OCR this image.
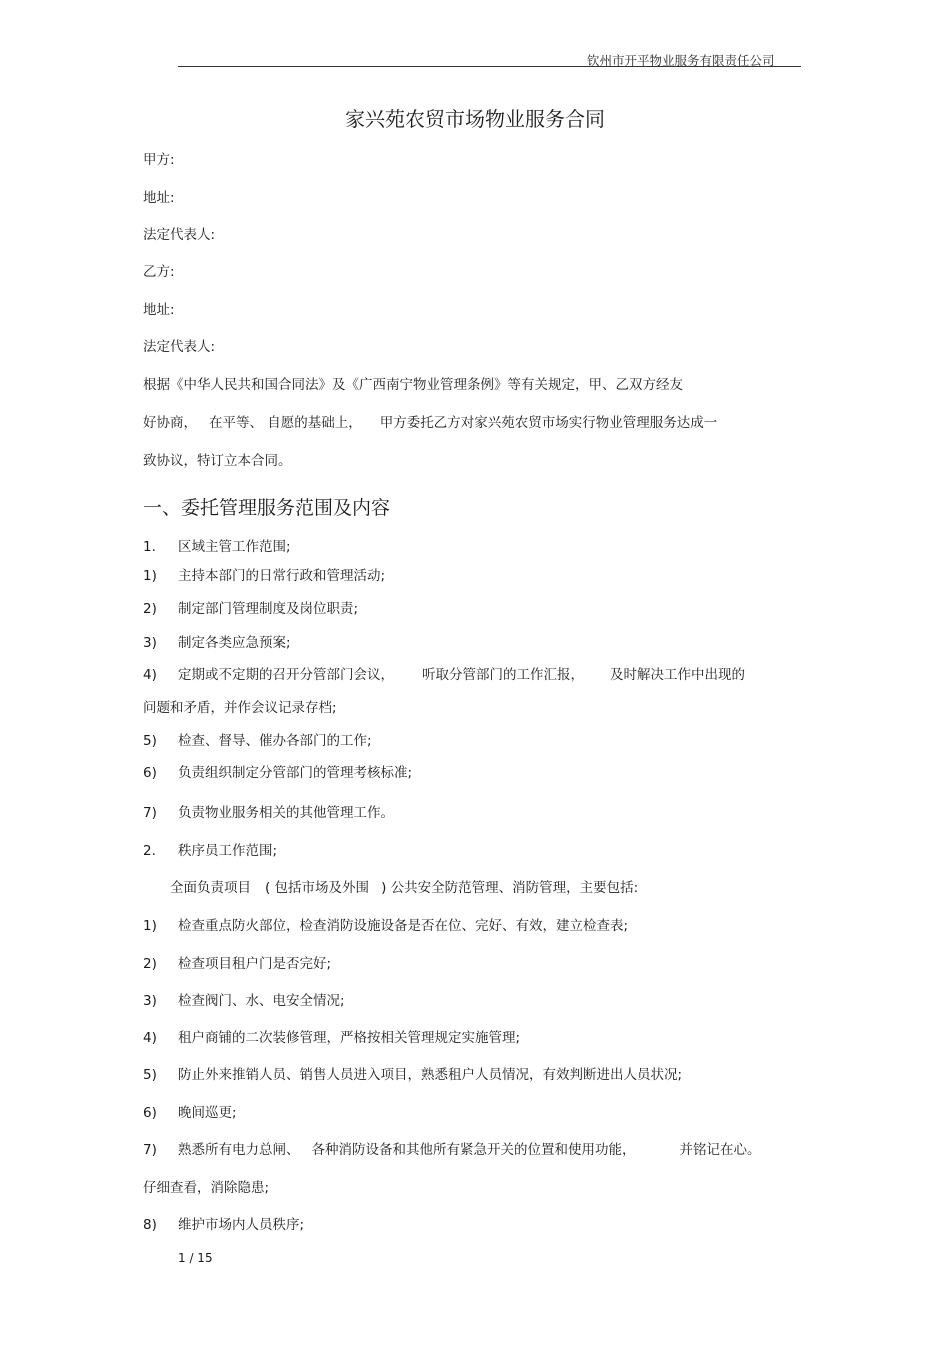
钦州市开平物业服务有限责任公司
家兴苑农贸市场物业服务合同
甲方:
地址:
法定代表人:
乙方:
地址:
法定代表人:
根据《中华人民共和国合同法》及《广西南宁物业管理条例》等有关规定，甲、乙双方经友
好协商， 在平等、 自愿的基础上， 甲方委托乙方对家兴苑农贸市场实行物业管理服务达成一
致协议，特订立本合同。
一、委托管理服务范围及内容
1. 区域主管工作范围;
1) 主持本部门的日常行政和管理活动;
2) 制定部门管理制度及岗位职责;
3) 制定各类应急预案;
4) 定期或不定期的召开分管部门会议， 听取分管部门的工作汇报， 及时解决工作中出现的
问题和矛盾，并作会议记录存档;
5) 检查、督导、催办各部门的工作;
6) 负责组织制定分管部门的管理考核标准;
7) 负责物业服务相关的其他管理工作。
2. 秩序员工作范围;
全面负责项目 ( 包括市场及外围 ) 公共安全防范管理、消防管理，主要包括:
1) 检查重点防火部位，检查消防设施设备是否在位、完好、有效，建立检查表;
2) 检查项目租户门是否完好;
3) 检查阀门、水、电安全情况;
4) 租户商铺的二次装修管理，严格按相关管理规定实施管理;
5) 防止外来推销人员、销售人员进入项目，熟悉租户人员情况，有效判断进出人员状况;
6) 晚间巡更;
7) 熟悉所有电力总闸、 各种消防设备和其他所有紧急开关的位置和使用功能，	并铭记在心。
仔细查看，消除隐患;
8) 维护市场内人员秩序;
1 / 15
